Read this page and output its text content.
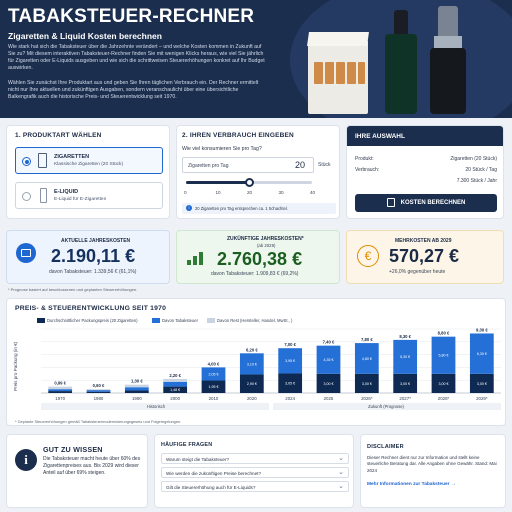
TABAKSTEUER-RECHNER
Zigaretten & Liquid Kosten berechnen

Wie stark hat sich die Tabaksteuer über die Jahrzehnte verändert – und welche Kosten kommen in Zukunft auf Sie zu? Mit diesem interaktiven Tabaksteuer-Rechner finden Sie mit wenigen Klicks heraus, wie viel Sie jährlich für Zigaretten oder E-Liquids ausgeben und wie sich die schrittweisen Steuererhöhungen konkret auf Ihr Budget auswirken.

Wählen Sie zunächst Ihre Produktart aus und geben Sie Ihren täglichen Verbrauch ein. Der Rechner ermittelt nicht nur Ihre aktuellen und zukünftigen Ausgaben, sondern veranschaulicht über eine übersichtliche Balkengrafik auch die historische Preis- und Steuerentwicklung seit 1970.

1. PRODUKTART WÄHLEN
ZIGARETTEN
Klassische Zigaretten (20 Stück)
E-LIQUID
E-Liquid für E-Zigaretten
2. IHREN VERBRAUCH EINGEBEN
Wie viel konsumieren Sie pro Tag?
Zigaretten pro Tag	20	Stück
0	10	20	30	40
i	20 Zigaretten pro Tag entsprechen ca. 1 Schachtel.
IHRE AUSWAHL
Produkt:	Zigaretten (20 Stück)
Verbrauch:	20 Stück / Tag
7.300 Stück / Jahr
KOSTEN BERECHNEN
AKTUELLE JAHRESKOSTEN
2.190,11 €
davon Tabaksteuer: 1.339,56 € (61,1%)
ZUKÜNFTIGE JAHRESKOSTEN*
(ab 2029)
2.760,38 €
davon Tabaksteuer: 1.909,83 € (69,2%)
€
MEHRKOSTEN AB 2029
570,27 €
+26,0% gegenüber heute
* Prognose basiert auf beschlossenen und geplanten Steuererhöhungen.
PREIS- & STEUERENTWICKLUNG SEIT 1970
Durchschnittlicher Packungspreis (20 Zigaretten)	Davon Tabaksteuer	Davon Rest (Hersteller, Handel, MwSt., )
Preis pro Packung (in €)	0,99 €
1970
0,60 €
1980
1,30 €
1990
1,48 €
2,20 €
2000
1,95 €
2,05 €
4,00 €
2010
2,90 €
3,19 €
6,20 €
2020
3,05 €
3,95 €
7,00 €
2024
3,00 €
4,35 €
7,40 €
2025
3,00 €
4,80 €
7,80 €
2026*
3,00 €
5,30 €
8,30 €
2027*
3,00 €
5,80 €
8,80 €
2028*
3,00 €
6,30 €
9,30 €
2029*
Historisch	Zukunft (Prognose)
* Geplante Steuererhöhungen gemäß Tabaksteuermodernisierungsgesetz und Folgeregelungen.
i
GUT ZU WISSEN
Die Tabaksteuer macht heute über 60% des Zigarettenpreises aus. Bis 2029 wird dieser Anteil auf über 69% steigen.
HÄUFIGE FRAGEN
Warum steigt die Tabaksteuer? ⌄
Wie werden die zukünftigen Preise berechnet? ⌄
Gilt die Steuererhöhung auch für E-Liquids? ⌄
DISCLAIMER
Dieser Rechner dient nur zur Information und stellt keine steuerliche Beratung dar. Alle Angaben ohne Gewähr. Stand: Mai 2024
Mehr Informationen zur Tabaksteuer →
